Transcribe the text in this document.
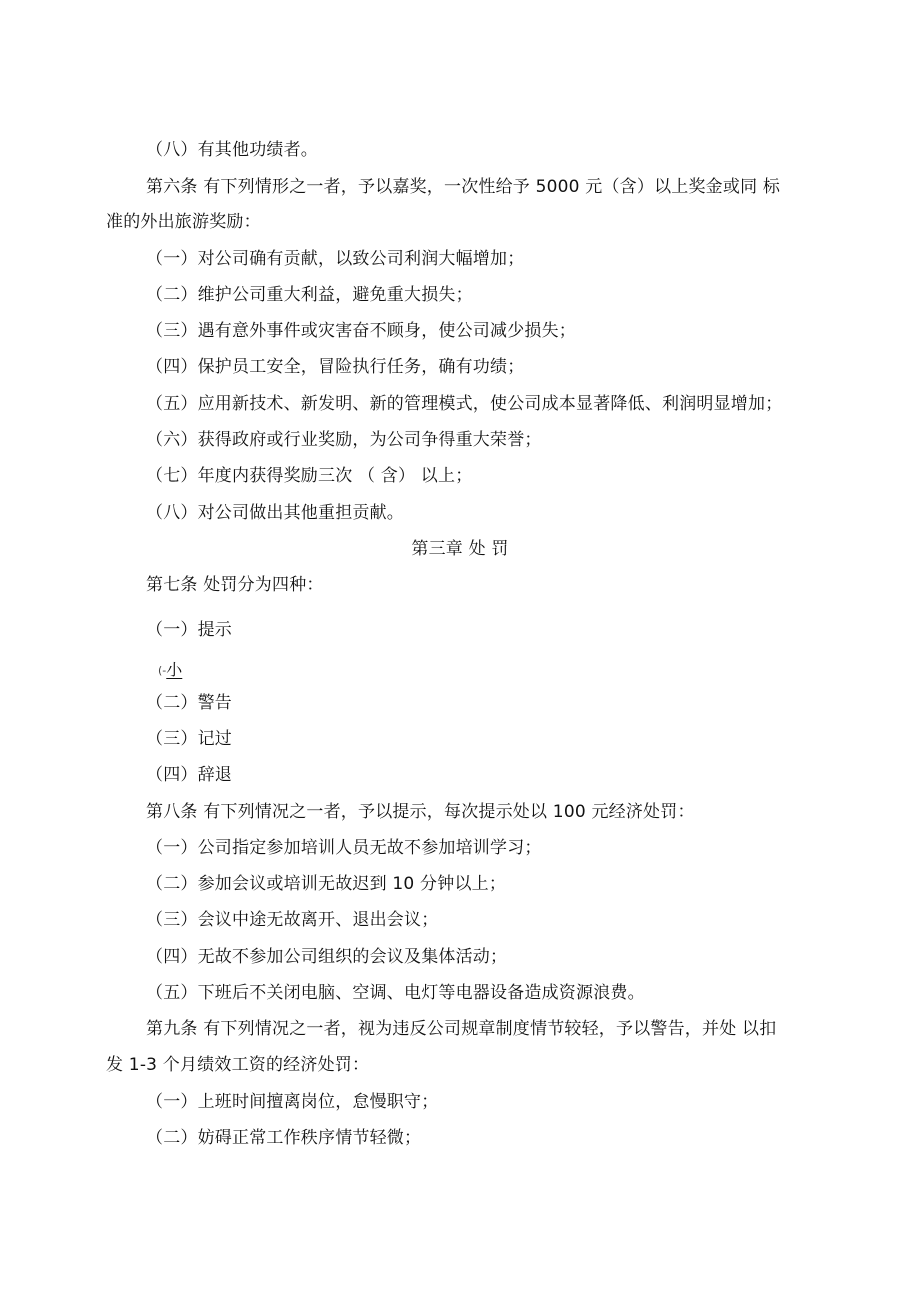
（八）有其他功绩者。
第六条 有下列情形之一者，予以嘉奖，一次性给予 5000 元（含）以上奖金或同 标
准的外出旅游奖励：
（一）对公司确有贡献，以致公司利润大幅增加；
（二）维护公司重大利益，避免重大损失；
（三）遇有意外事件或灾害奋不顾身，使公司减少损失；
（四）保护员工安全，冒险执行任务，确有功绩；
（五）应用新技术、新发明、新的管理模式，使公司成本显著降低、利润明显增加；
（六）获得政府或行业奖励，为公司争得重大荣誉；
（七）年度内获得奖励三次 （ 含） 以上；
（八）对公司做出其他重担贡献。
第三章 处 罚
第七条 处罚分为四种：
（一）提示
(-小
（二）警告
（三）记过
（四）辞退
第八条 有下列情况之一者，予以提示，每次提示处以 100 元经济处罚：
（一）公司指定参加培训人员无故不参加培训学习；
（二）参加会议或培训无故迟到 10 分钟以上；
（三）会议中途无故离开、退出会议；
（四）无故不参加公司组织的会议及集体活动；
（五）下班后不关闭电脑、空调、电灯等电器设备造成资源浪费。
第九条 有下列情况之一者，视为违反公司规章制度情节较轻，予以警告，并处 以扣
发 1-3 个月绩效工资的经济处罚：
（一）上班时间擅离岗位，怠慢职守；
（二）妨碍正常工作秩序情节轻微；
